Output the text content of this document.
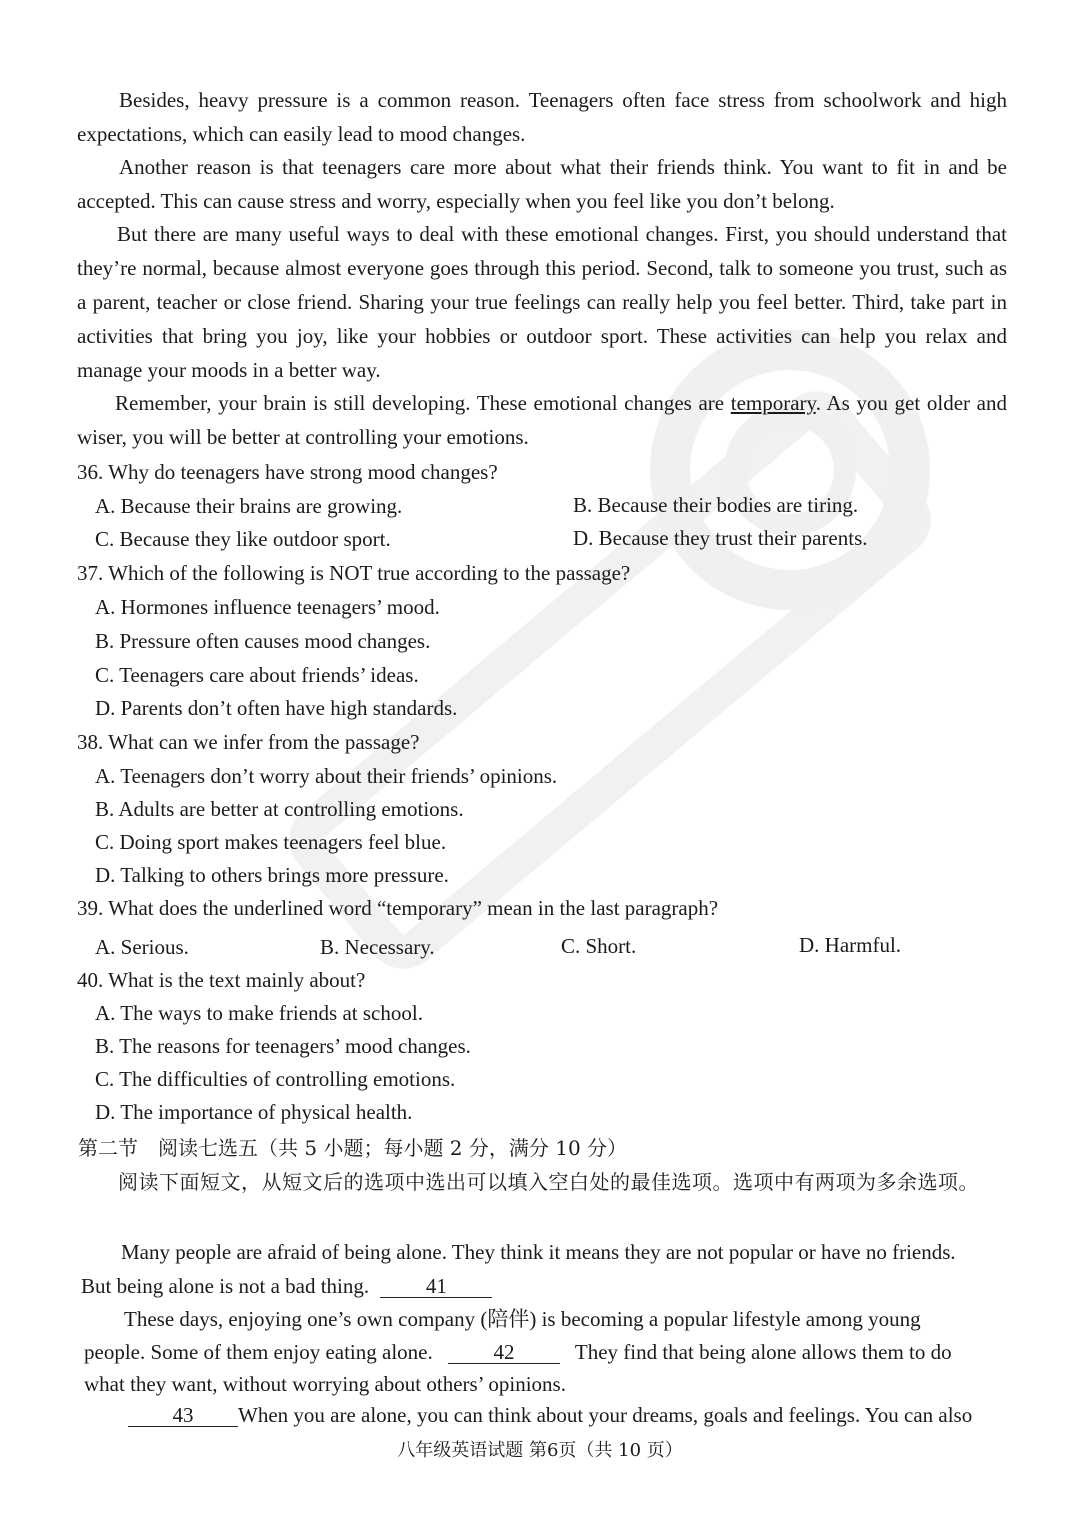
Besides, heavy pressure is a common reason. Teenagers often face stress from schoolwork and high expectations, which can easily lead to mood changes.
Another reason is that teenagers care more about what their friends think. You want to fit in and be accepted. This can cause stress and worry, especially when you feel like you don’t belong.
But there are many useful ways to deal with these emotional changes. First, you should understand that they’re normal, because almost everyone goes through this period. Second, talk to someone you trust, such as a parent, teacher or close friend. Sharing your true feelings can really help you feel better. Third, take part in activities that bring you joy, like your hobbies or outdoor sport. These activities can help you relax and manage your moods in a better way.
Remember, your brain is still developing. These emotional changes are temporary. As you get older and wiser, you will be better at controlling your emotions.
36. Why do teenagers have strong mood changes?
A. Because their brains are growing.	B. Because their bodies are tiring.
C. Because they like outdoor sport.	D. Because they trust their parents.
37. Which of the following is NOT true according to the passage?
A. Hormones influence teenagers’ mood.
B. Pressure often causes mood changes.
C. Teenagers care about friends’ ideas.
D. Parents don’t often have high standards.
38. What can we infer from the passage?
A. Teenagers don’t worry about their friends’ opinions.
B. Adults are better at controlling emotions.
C. Doing sport makes teenagers feel blue.
D. Talking to others brings more pressure.
39. What does the underlined word “temporary” mean in the last paragraph?
A. Serious.	B. Necessary.	C. Short.	D. Harmful.
40. What is the text mainly about?
A. The ways to make friends at school.
B. The reasons for teenagers’ mood changes.
C. The difficulties of controlling emotions.
D. The importance of physical health.
第二节　阅读七选五（共 5 小题；每小题 2 分，满分 10 分）
阅读下面短文，从短文后的选项中选出可以填入空白处的最佳选项。选项中有两项为多余选项。
Many people are afraid of being alone. They think it means they are not popular or have no friends.
But being alone is not a bad thing.	41
These days, enjoying one’s own company (陪伴) is becoming a popular lifestyle among young
people. Some of them enjoy eating alone.	42	They find that being alone allows them to do
what they want, without worrying about others’ opinions.
43 When you are alone, you can think about your dreams, goals and feelings. You can also
八年级英语试题 第6页（共 10 页）
